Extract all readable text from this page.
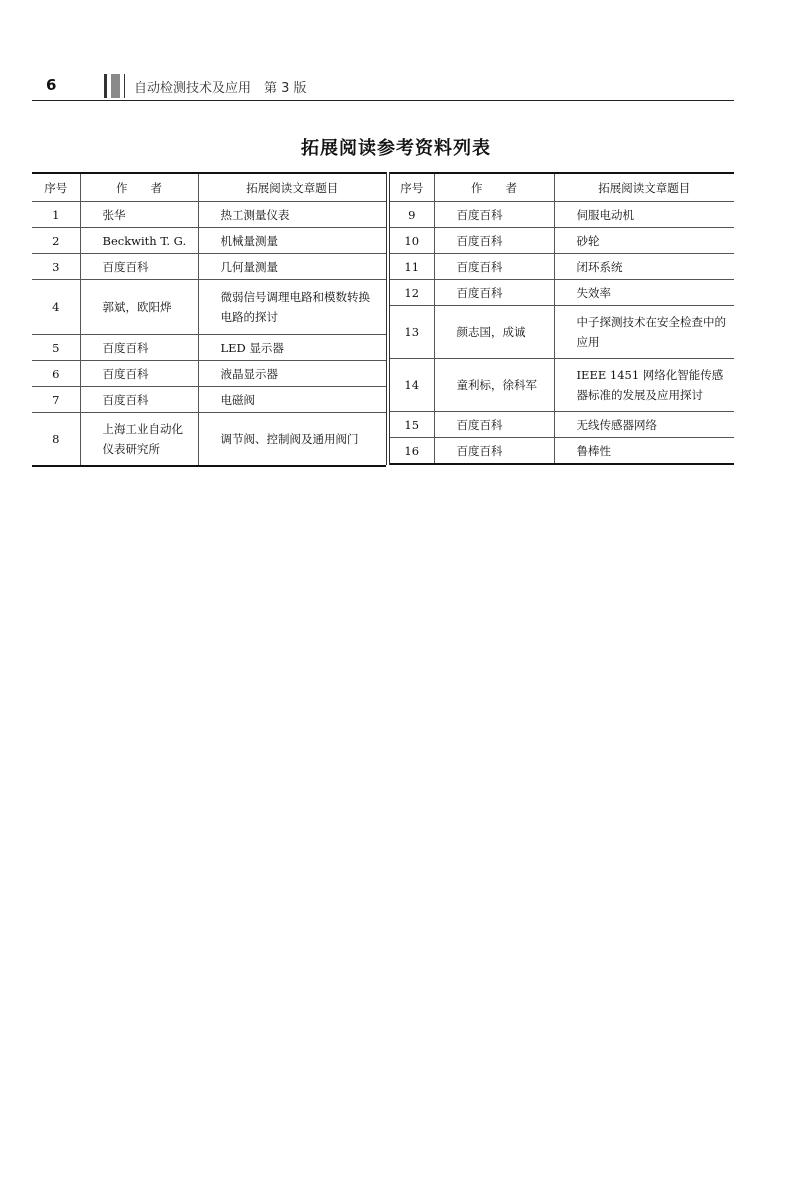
6	自动检测技术及应用　第 3 版
拓展阅读参考资料列表
序号	作　　者	拓展阅读文章题目
1	张华	热工测量仪表
2	Beckwith T. G.	机械量测量
3	百度百科	几何量测量
4	郭斌，欧阳烨	微弱信号调理电路和模数转换电路的探讨
5	百度百科	LED 显示器
6	百度百科	液晶显示器
7	百度百科	电磁阀
8	上海工业自动化仪表研究所	调节阀、控制阀及通用阀门
序号	作　　者	拓展阅读文章题目
9	百度百科	伺服电动机
10	百度百科	砂轮
11	百度百科	闭环系统
12	百度百科	失效率
13	颜志国，成诚	中子探测技术在安全检查中的应用
14	童利标，徐科军	IEEE 1451 网络化智能传感器标准的发展及应用探讨
15	百度百科	无线传感器网络
16	百度百科	鲁棒性
